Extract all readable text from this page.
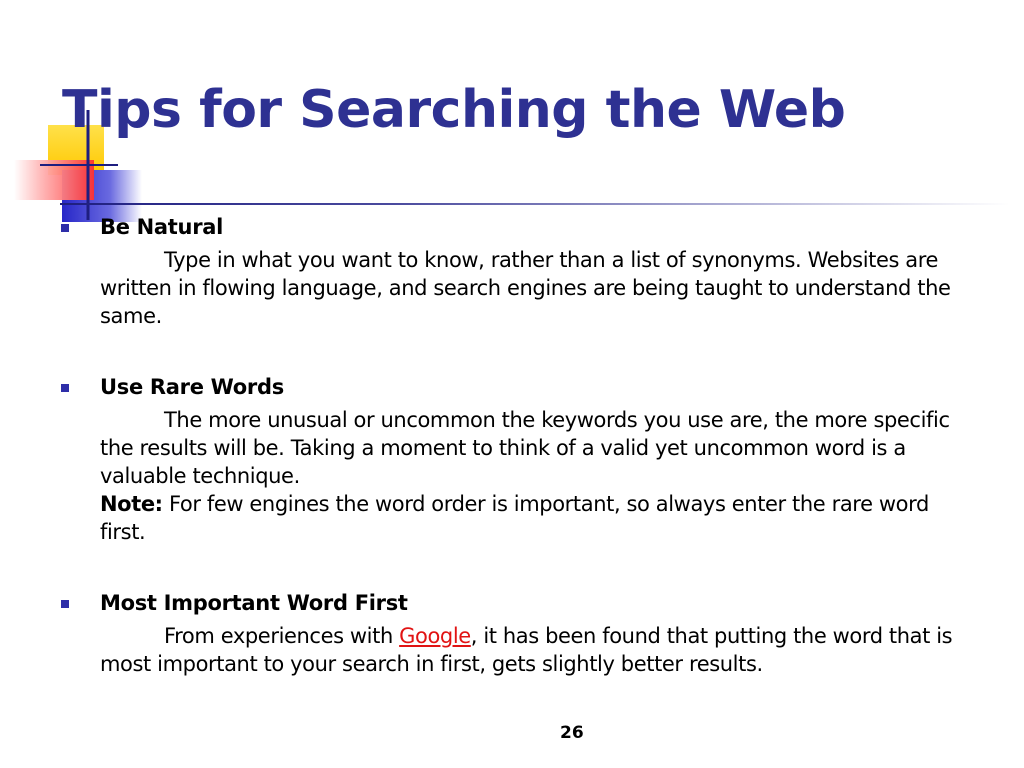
Tips for Searching the Web
Be Natural

Type in what you want to know, rather than a list of synonyms. Websites are written in flowing language, and search engines are being taught to understand the same.

Use Rare Words

The more unusual or uncommon the keywords you use are, the more specific the results will be. Taking a moment to think of a valid yet uncommon word is a valuable technique.

Note: For few engines the word order is important, so always enter the rare word first.

Most Important Word First

From experiences with Google, it has been found that putting the word that is most important to your search in first, gets slightly better results.

26
